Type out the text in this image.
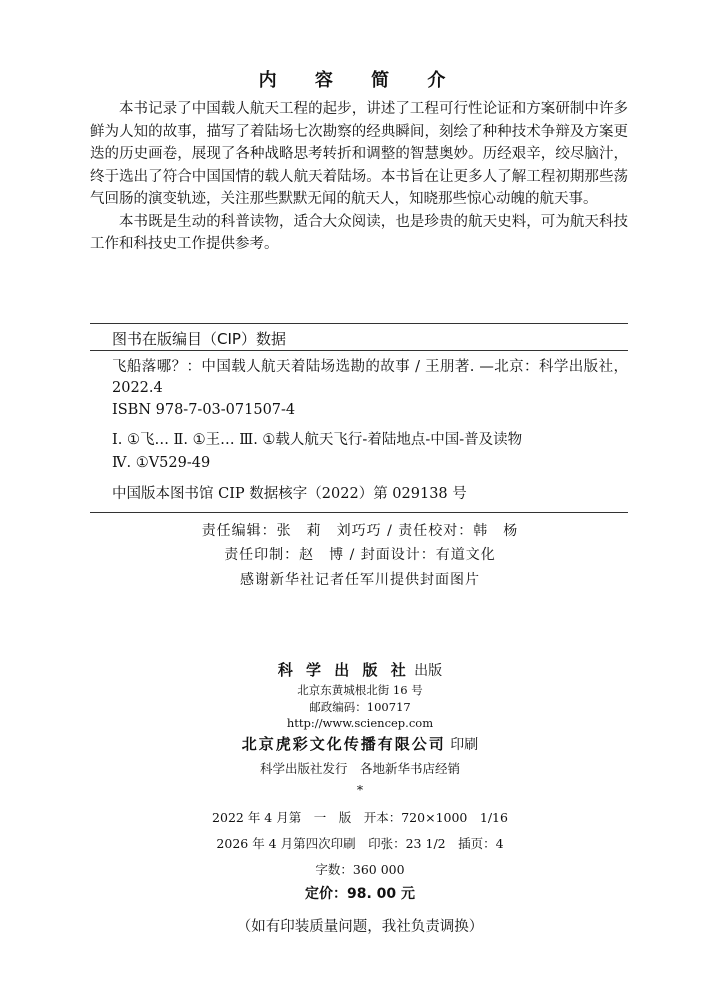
内 容 简 介

本书记录了中国载人航天工程的起步，讲述了工程可行性论证和方案研制中许多鲜为人知的故事，描写了着陆场七次勘察的经典瞬间，刻绘了种种技术争辩及方案更迭的历史画卷，展现了各种战略思考转折和调整的智慧奥妙。历经艰辛，绞尽脑汁，终于选出了符合中国国情的载人航天着陆场。本书旨在让更多人了解工程初期那些荡气回肠的演变轨迹，关注那些默默无闻的航天人，知晓那些惊心动魄的航天事。

本书既是生动的科普读物，适合大众阅读，也是珍贵的航天史料，可为航天科技工作和科技史工作提供参考。

图书在版编目（CIP）数据
飞船落哪？：中国载人航天着陆场选勘的故事 / 王朋著. —北京：科学出版社，2022.4
ISBN 978-7-03-071507-4
Ⅰ. ①飞… Ⅱ. ①王… Ⅲ. ①载人航天飞行-着陆地点-中国-普及读物
Ⅳ. ①V529-49
中国版本图书馆 CIP 数据核字（2022）第 029138 号
责任编辑：张　莉　刘巧巧 / 责任校对：韩　杨
责任印制：赵　博 / 封面设计：有道文化
感谢新华社记者任军川提供封面图片
科 学 出 版 社 出版
北京东黄城根北街 16 号
邮政编码：100717
http://www.sciencep.com
北京虎彩文化传播有限公司 印刷
科学出版社发行　各地新华书店经销
*
2022 年 4 月第　一　版　开本：720×1000　1/16
2026 年 4 月第四次印刷　印张：23 1/2　插页：4
字数：360 000
定价：98. 00 元
（如有印装质量问题，我社负责调换）
